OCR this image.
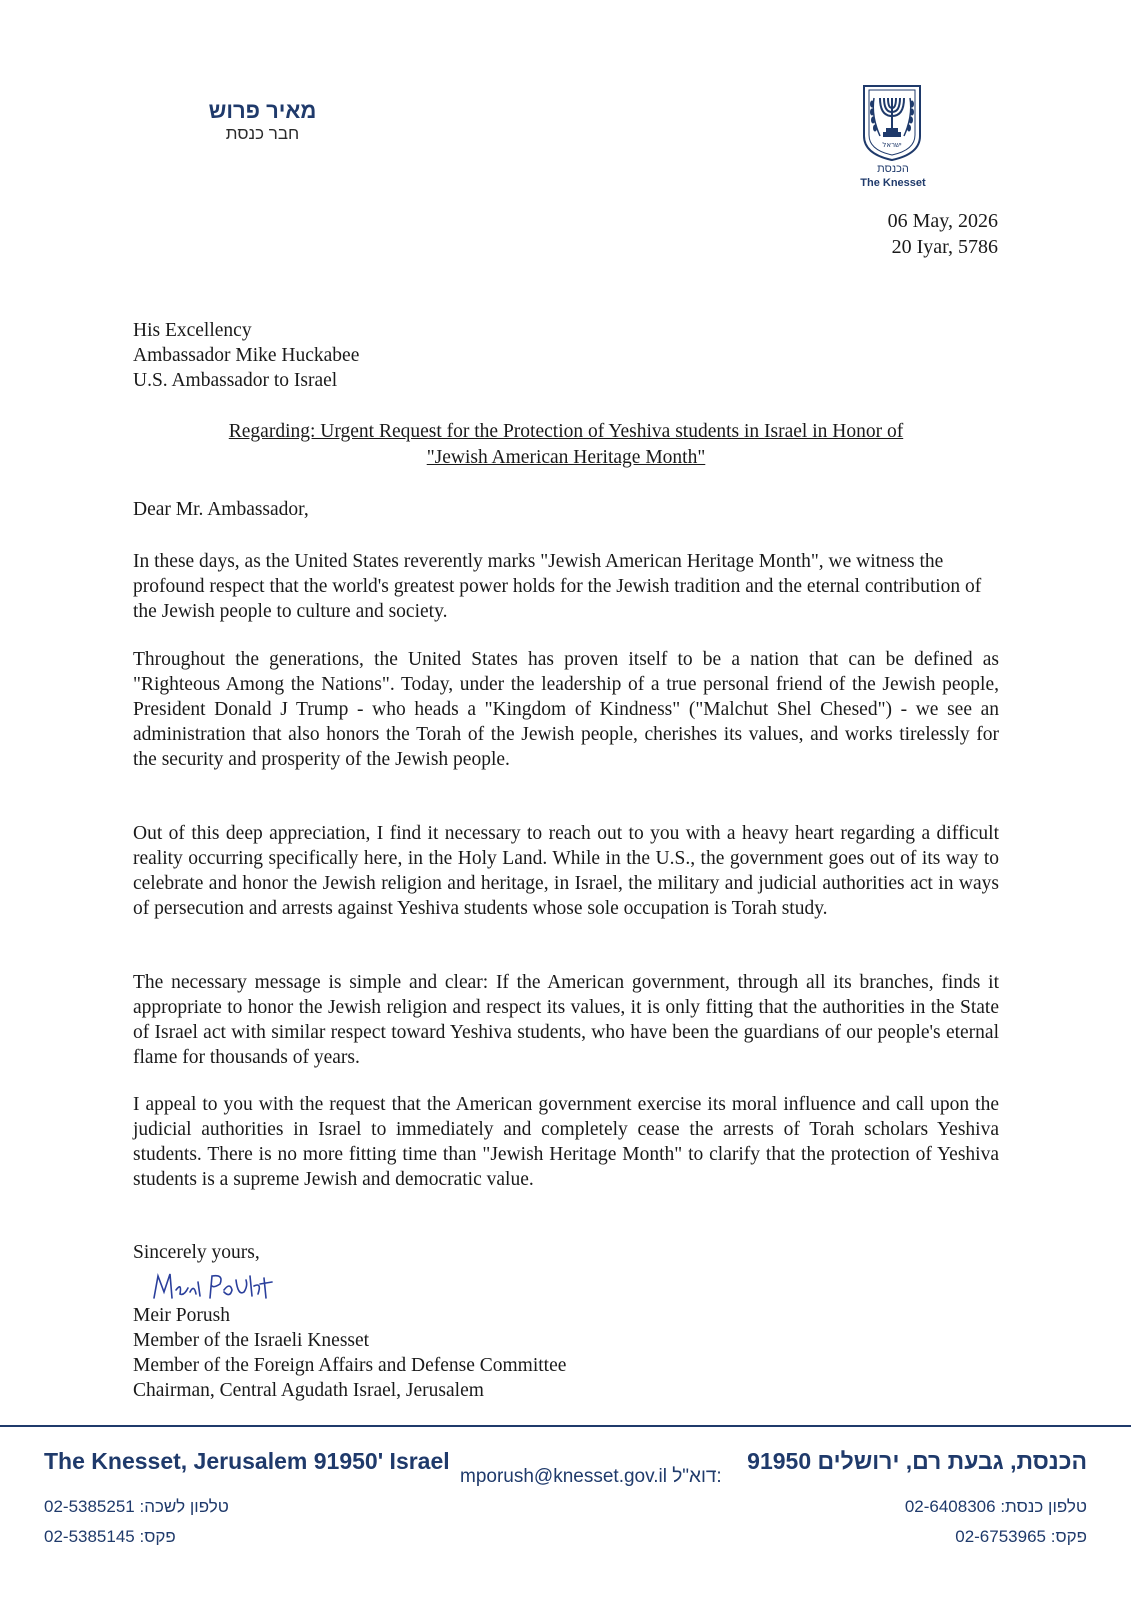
מאיר פרוש
חבר כנסת
ישראל
הכנסת
The Knesset
06 May, 2026
20 Iyar, 5786
His Excellency
Ambassador Mike Huckabee
U.S. Ambassador to Israel
Regarding: Urgent Request for the Protection of Yeshiva students in Israel in Honor of
"Jewish American Heritage Month"
Dear Mr. Ambassador,
In these days, as the United States reverently marks "Jewish American Heritage Month", we witness the profound respect that the world's greatest power holds for the Jewish tradition and the eternal contribution of the Jewish people to culture and society.
Throughout the generations, the United States has proven itself to be a nation that can be defined as "Righteous Among the Nations". Today, under the leadership of a true personal friend of the Jewish people, President Donald J Trump - who heads a "Kingdom of Kindness" ("Malchut Shel Chesed") - we see an administration that also honors the Torah of the Jewish people, cherishes its values, and works tirelessly for the security and prosperity of the Jewish people.
Out of this deep appreciation, I find it necessary to reach out to you with a heavy heart regarding a difficult reality occurring specifically here, in the Holy Land. While in the U.S., the government goes out of its way to celebrate and honor the Jewish religion and heritage, in Israel, the military and judicial authorities act in ways of persecution and arrests against Yeshiva students whose sole occupation is Torah study.
The necessary message is simple and clear: If the American government, through all its branches, finds it appropriate to honor the Jewish religion and respect its values, it is only fitting that the authorities in the State of Israel act with similar respect toward Yeshiva students, who have been the guardians of our people's eternal flame for thousands of years.
I appeal to you with the request that the American government exercise its moral influence and call upon the judicial authorities in Israel to immediately and completely cease the arrests of Torah scholars Yeshiva students. There is no more fitting time than "Jewish Heritage Month" to clarify that the protection of Yeshiva students is a supreme Jewish and democratic value.
Sincerely yours,
Meir Porush
Member of the Israeli Knesset
Member of the Foreign Affairs and Defense Committee
Chairman, Central Agudath Israel, Jerusalem
The Knesset, Jerusalem 91950' Israel	הכנסת, גבעת רם, ירושלים 91950
mporush@knesset.gov.il דוא"ל:
טלפון לשכה: 02-5385251
פקס: 02-5385145
טלפון כנסת: 02-6408306
פקס: 02-6753965
